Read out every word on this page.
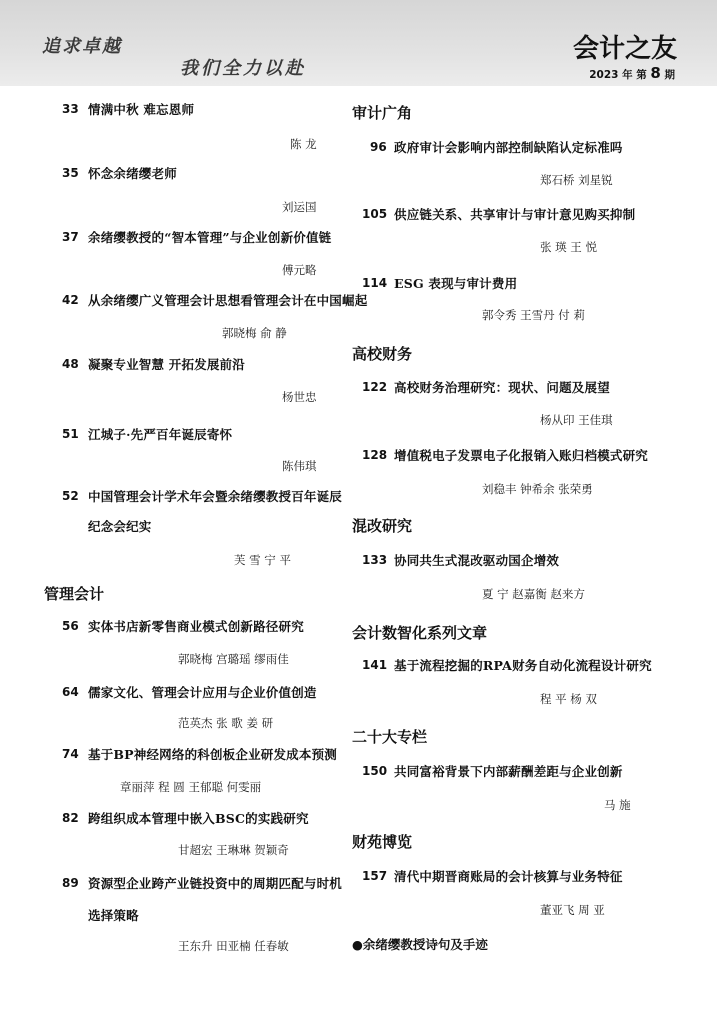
追求卓越
我们全力以赴
会计之友
2023 年 第 8 期
33 情满中秋 难忘恩师
陈 龙
35 怀念余绪缨老师
刘运国
37 余绪缨教授的“智本管理”与企业创新价值链
傅元略
42 从余绪缨广义管理会计思想看管理会计在中国崛起
郭晓梅 俞 静
48 凝聚专业智慧 开拓发展前沿
杨世忠
51 江城子·先严百年诞辰寄怀
陈伟琪
52 中国管理会计学术年会暨余绪缨教授百年诞辰
纪念会纪实
芙 雪 宁 平
管理会计
56 实体书店新零售商业模式创新路径研究
郭晓梅 宫璐瑶 缪雨佳
64 儒家文化、管理会计应用与企业价值创造
范英杰 张 歌 姜 研
74 基于BP神经网络的科创板企业研发成本预测
章丽萍 程 圆 王郁聪 何雯丽
82 跨组织成本管理中嵌入BSC的实践研究
甘超宏 王琳琳 贺颖奇
89 资源型企业跨产业链投资中的周期匹配与时机
选择策略
王东升 田亚楠 任春敏
审计广角
96 政府审计会影响内部控制缺陷认定标准吗
郑石桥 刘星锐
105 供应链关系、共享审计与审计意见购买抑制
张 瑛 王 悦
114 ESG 表现与审计费用
郭令秀 王雪丹 付 莉
高校财务
122 高校财务治理研究：现状、问题及展望
杨从印 王佳琪
128 增值税电子发票电子化报销入账归档模式研究
刘稳丰 钟希余 张荣勇
混改研究
133 协同共生式混改驱动国企增效
夏 宁 赵嘉衡 赵来方
会计数智化系列文章
141 基于流程挖掘的RPA财务自动化流程设计研究
程 平 杨 双
二十大专栏
150 共同富裕背景下内部薪酬差距与企业创新
马 施
财苑博览
157 清代中期晋商账局的会计核算与业务特征
董亚飞 周 亚
●余绪缨教授诗句及手迹
